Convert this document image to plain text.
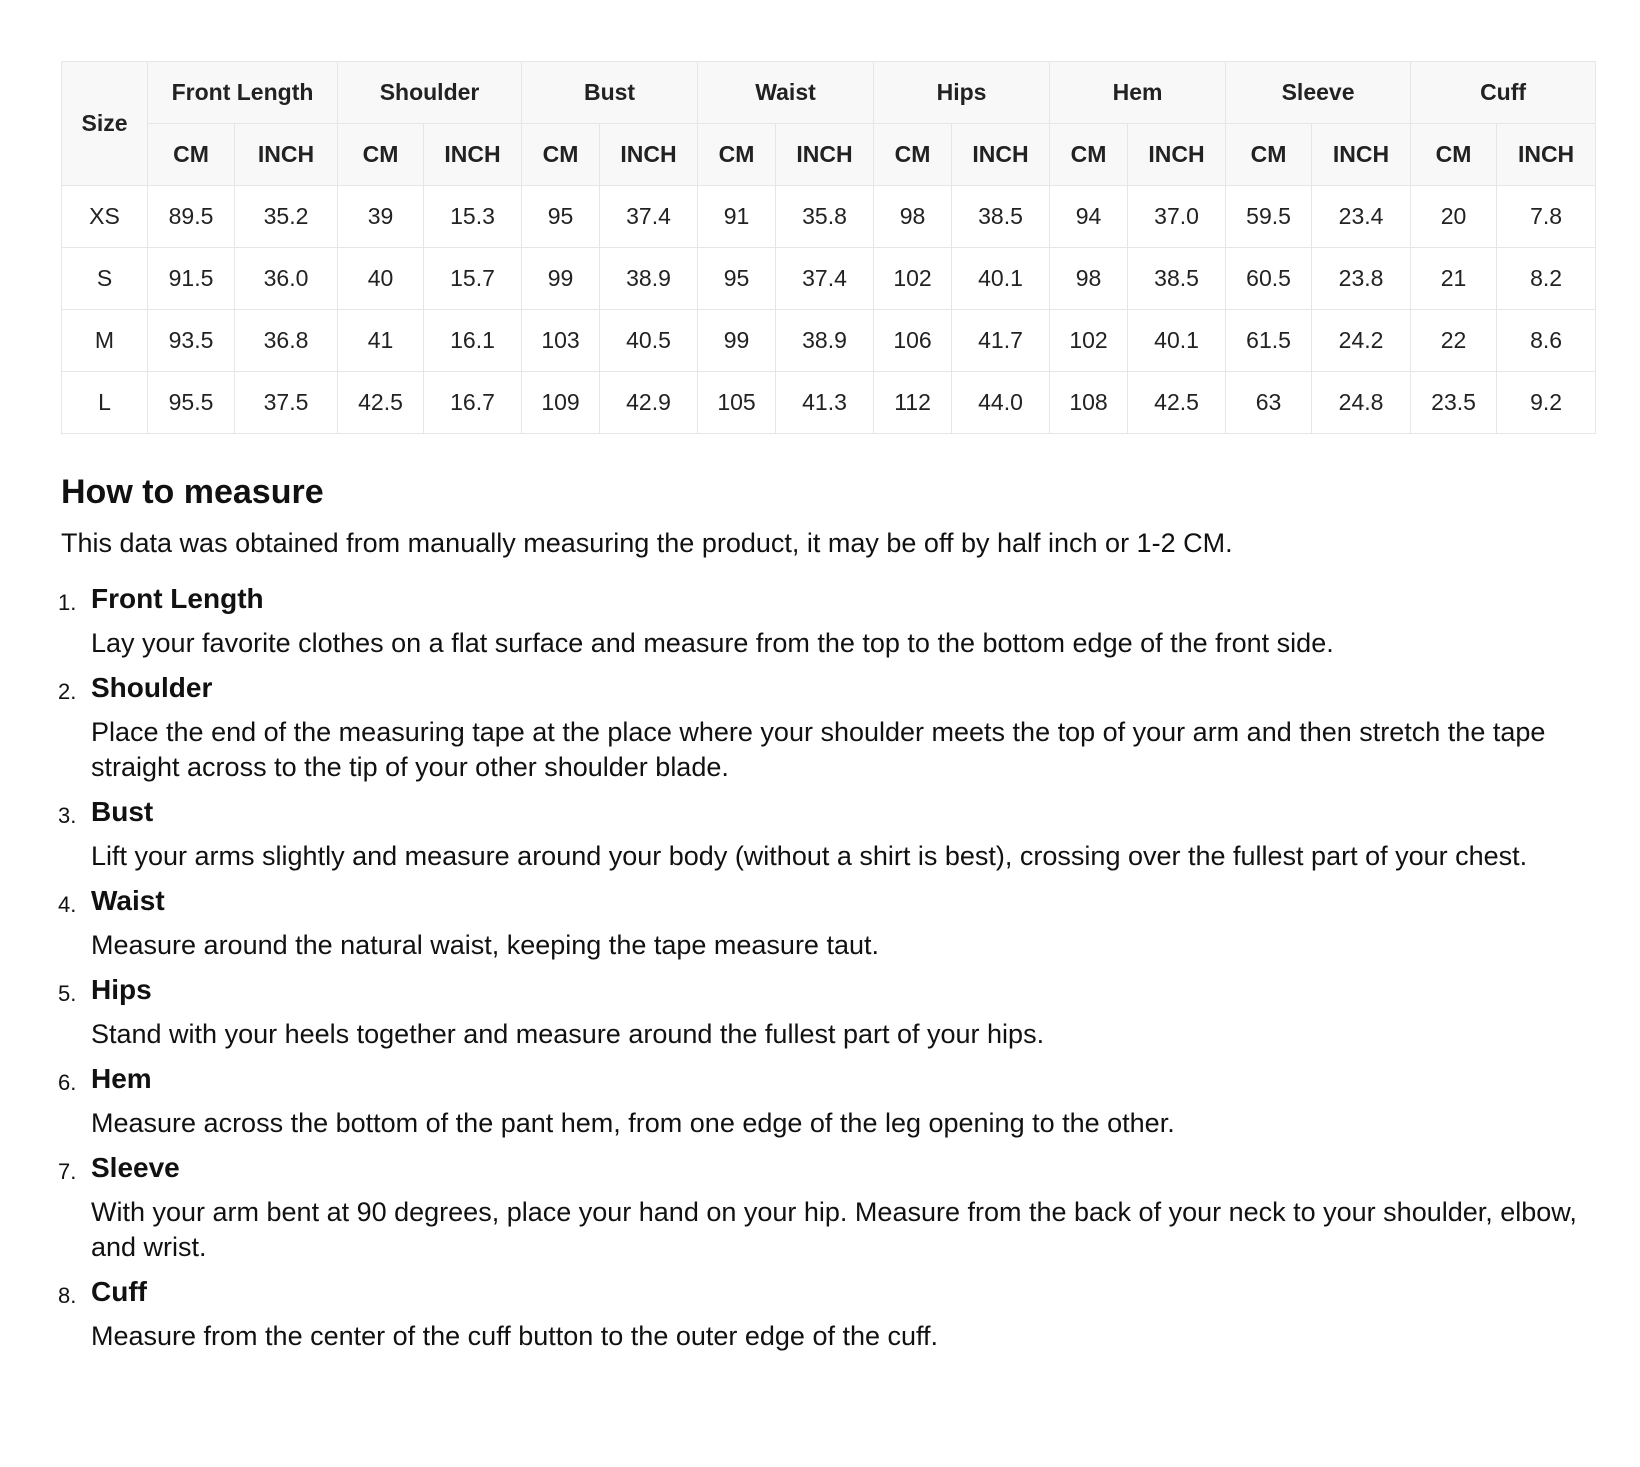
Size	Front Length		Shoulder		Bust		Waist		Hips		Hem		Sleeve		Cuff	
	CM	INCH	CM	INCH	CM	INCH	CM	INCH	CM	INCH	CM	INCH	CM	INCH	CM	INCH
XS	89.5	35.2	39	15.3	95	37.4	91	35.8	98	38.5	94	37.0	59.5	23.4	20	7.8
S	91.5	36.0	40	15.7	99	38.9	95	37.4	102	40.1	98	38.5	60.5	23.8	21	8.2
M	93.5	36.8	41	16.1	103	40.5	99	38.9	106	41.7	102	40.1	61.5	24.2	22	8.6
L	95.5	37.5	42.5	16.7	109	42.9	105	41.3	112	44.0	108	42.5	63	24.8	23.5	9.2
How to measure

This data was obtained from manually measuring the product, it may be off by half inch or 1-2 CM.

1. Front Length
Lay your favorite clothes on a flat surface and measure from the top to the bottom edge of the front side.
2. Shoulder
Place the end of the measuring tape at the place where your shoulder meets the top of your arm and then stretch the tape straight across to the tip of your other shoulder blade.
3. Bust
Lift your arms slightly and measure around your body (without a shirt is best), crossing over the fullest part of your chest.
4. Waist
Measure around the natural waist, keeping the tape measure taut.
5. Hips
Stand with your heels together and measure around the fullest part of your hips.
6. Hem
Measure across the bottom of the pant hem, from one edge of the leg opening to the other.
7. Sleeve
With your arm bent at 90 degrees, place your hand on your hip. Measure from the back of your neck to your shoulder, elbow, and wrist.
8. Cuff
Measure from the center of the cuff button to the outer edge of the cuff.
